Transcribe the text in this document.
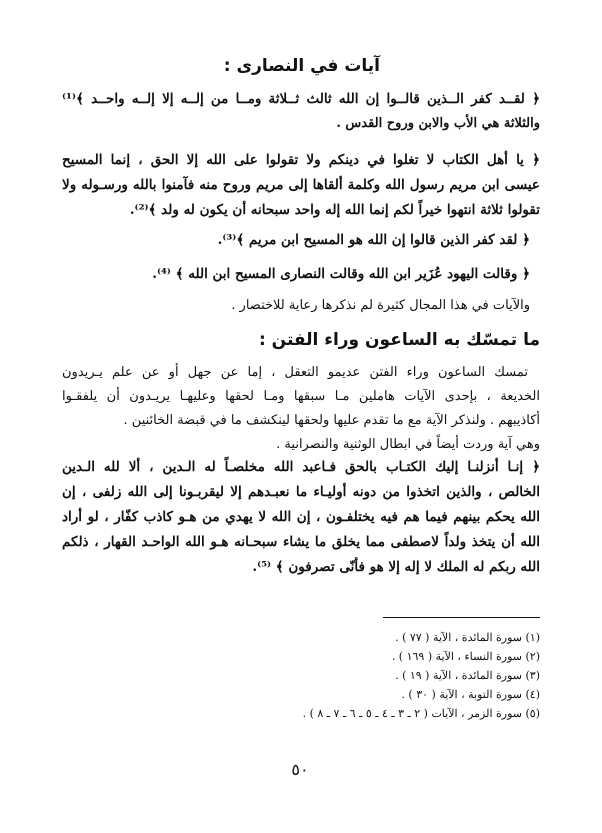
آيات في النصارى :
﴿ لقــد كفر الــذين قالــوا إن الله ثالث ثــلاثة ومــا من إلــه إلا إلــه واحــد ﴾⁽¹⁾
والثلاثة هي الأب والابن وروح القدس .
﴿ يا أهل الكتاب لا تغلوا في دينكم ولا تقولوا على الله إلا الحق ، إنما المسيح
عيسى ابن مريم رسول الله وكلمة ألقاها إلى مريم وروح منه فآمنوا بالله ورسـوله ولا
تقولوا ثلاثة انتهوا خيراً لكم إنما الله إله واحد سبحانه أن يكون له ولد ﴾⁽²⁾.
﴿ لقد كفر الذين قالوا إن الله هو المسيح ابن مريم ﴾⁽³⁾.
﴿ وقالت اليهود عُزَير ابن الله وقالت النصارى المسيح ابن الله ﴾ ⁽⁴⁾.
والآيات في هذا المجال كثيرة لم نذكرها رعاية للاختصار .
ما تمسّك به الساعون وراء الفتن :
تمسك الساعون وراء الفتن عديمو التعقل ، إما عن جهل أو عن علم يـريدون
الخديعة ، بإحدى الآيات هاملين مـا سبقها ومـا لحقها وعليهـا يريـدون أن يلفقـوا
أكاذيبهم . ولنذكر الآية مع ما تقدم عليها ولحقها لينكشف ما في قبضة الخائنين .
وهي آية وردت أيضاً في ابطال الوثنية والنصرانية .
﴿ إنـا أنزلنـا إليك الكتـاب بالحق فـاعبد الله مخلصـاً له الـدين ، ألا لله الـدين
الخالص ، والذين اتخذوا من دونه أوليـاء ما نعبـدهم إلا ليقربـونا إلى الله زلفى ، إن
الله يحكم بينهم فيما هم فيه يختلفـون ، إن الله لا يهدي من هـو كاذب كفّار ، لو أراد
الله أن يتخذ ولداً لاصطفى مما يخلق ما يشاء سبحـانه هـو الله الواحـد القهار ، ذلكم
الله ربكم له الملك لا إله إلا هو فأنّى تصرفون ﴾ ⁽⁵⁾.
(١) سورة المائدة ، الآية ( ٧٧ ) .
(٢) سورة النساء ، الآية ( ١٦٩ ) .
(٣) سورة المائدة ، الآية ( ١٩ ) .
(٤) سورة التوبة ، الآية ( ٣٠ ) .
(٥) سورة الزمر ، الآيات ( ٢ ـ ٣ ـ ٤ ـ ٥ ـ ٦ ـ ٧ ـ ٨ ) .
٥٠
